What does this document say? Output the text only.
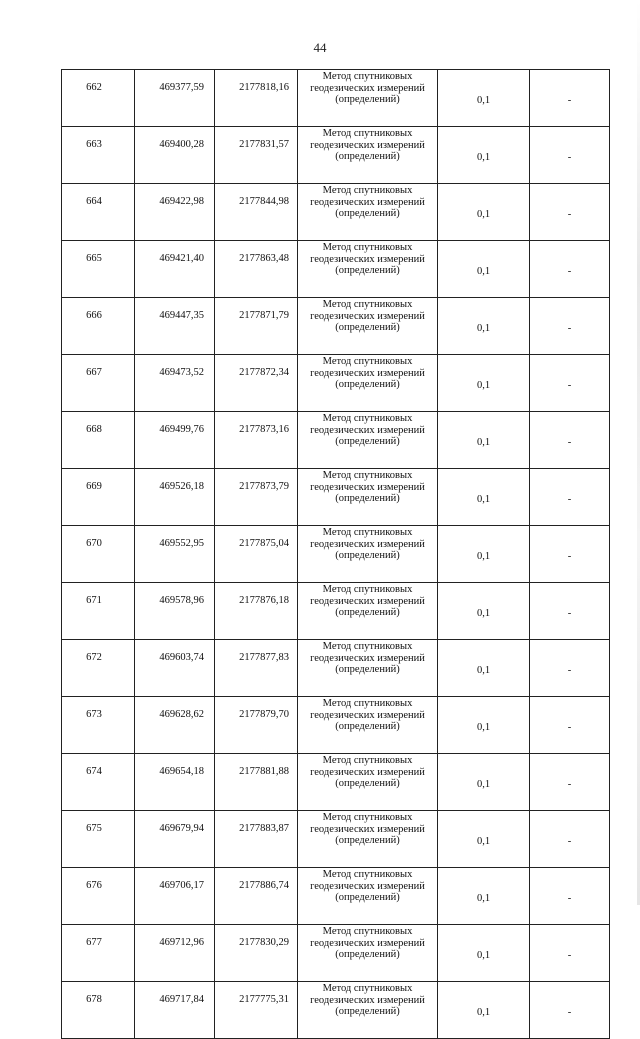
44
662	469377,59	2177818,16	Метод спутниковых
геодезических измерений
(определений)	0,1	-
663	469400,28	2177831,57	Метод спутниковых
геодезических измерений
(определений)	0,1	-
664	469422,98	2177844,98	Метод спутниковых
геодезических измерений
(определений)	0,1	-
665	469421,40	2177863,48	Метод спутниковых
геодезических измерений
(определений)	0,1	-
666	469447,35	2177871,79	Метод спутниковых
геодезических измерений
(определений)	0,1	-
667	469473,52	2177872,34	Метод спутниковых
геодезических измерений
(определений)	0,1	-
668	469499,76	2177873,16	Метод спутниковых
геодезических измерений
(определений)	0,1	-
669	469526,18	2177873,79	Метод спутниковых
геодезических измерений
(определений)	0,1	-
670	469552,95	2177875,04	Метод спутниковых
геодезических измерений
(определений)	0,1	-
671	469578,96	2177876,18	Метод спутниковых
геодезических измерений
(определений)	0,1	-
672	469603,74	2177877,83	Метод спутниковых
геодезических измерений
(определений)	0,1	-
673	469628,62	2177879,70	Метод спутниковых
геодезических измерений
(определений)	0,1	-
674	469654,18	2177881,88	Метод спутниковых
геодезических измерений
(определений)	0,1	-
675	469679,94	2177883,87	Метод спутниковых
геодезических измерений
(определений)	0,1	-
676	469706,17	2177886,74	Метод спутниковых
геодезических измерений
(определений)	0,1	-
677	469712,96	2177830,29	Метод спутниковых
геодезических измерений
(определений)	0,1	-
678	469717,84	2177775,31	Метод спутниковых
геодезических измерений
(определений)	0,1	-
